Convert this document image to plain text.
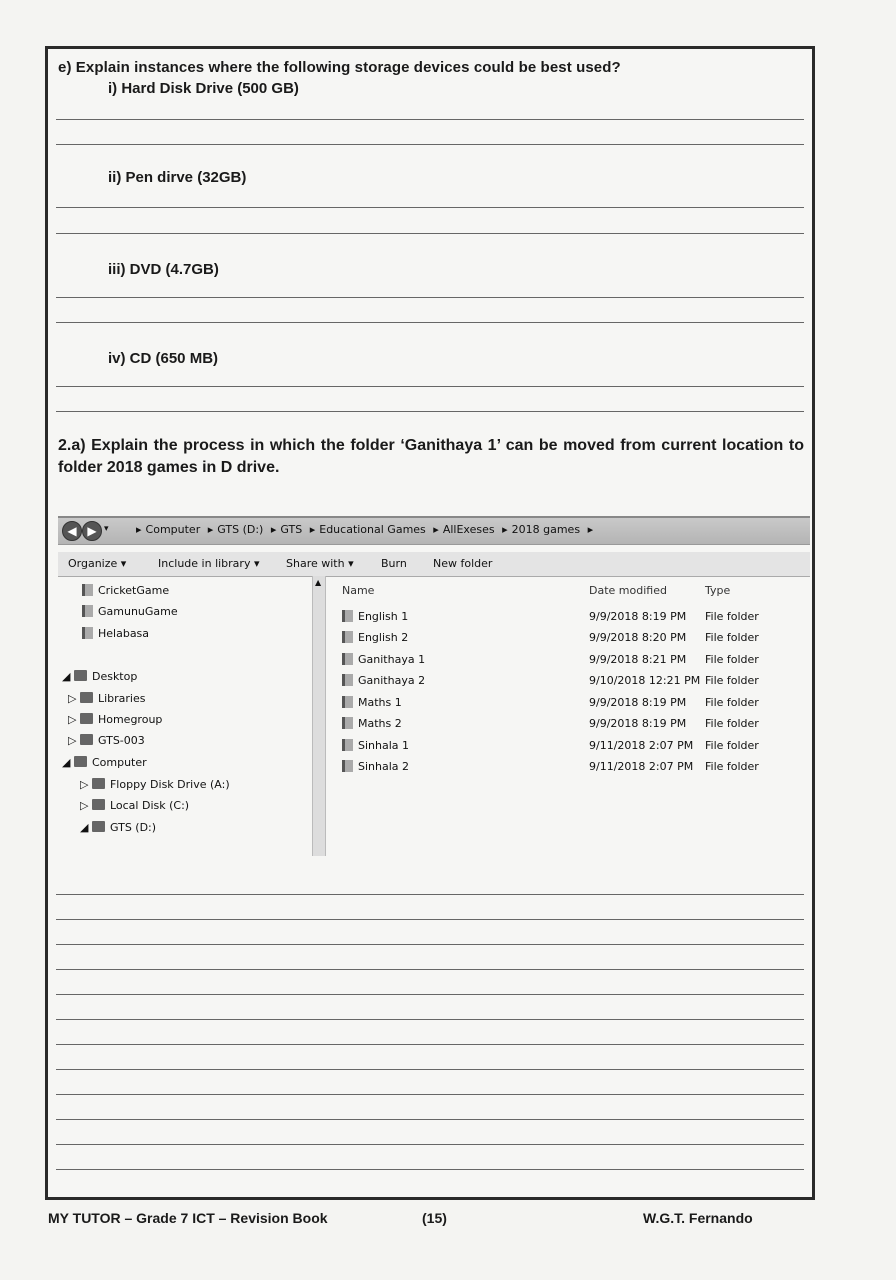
e) Explain instances where the following storage devices could be best used?
i) Hard Disk Drive (500 GB)
ii) Pen dirve (32GB)
iii) DVD (4.7GB)
iv) CD (650 MB)
2.a) Explain the process in which the folder ‘Ganithaya 1’ can be moved from current location to folder 2018 games in D drive.
◀ ▶ ▾ ▸ Computer ▸ GTS (D:) ▸ GTS ▸ Educational Games ▸ AllExeses ▸ 2018 games ▸
Organize ▾	Include in library ▾ Share with ▾ Burn New folder
CricketGame
GamunuGame
Helabasa
◢ Desktop
▷ Libraries
▷ Homegroup
▷ GTS-003
◢ Computer
▷ Floppy Disk Drive (A:)
▷ Local Disk (C:)
◢ GTS (D:)
▲
Name	Date modified	Type
English 1	9/9/2018 8:19 PM File folder
English 2	9/9/2018 8:20 PM File folder
Ganithaya 1	9/9/2018 8:21 PM File folder
Ganithaya 2	9/10/2018 12:21 PM File folder
Maths 1	9/9/2018 8:19 PM File folder
Maths 2	9/9/2018 8:19 PM File folder
Sinhala 1	9/11/2018 2:07 PM File folder
Sinhala 2	9/11/2018 2:07 PM File folder
MY TUTOR – Grade 7 ICT – Revision Book	(15)	W.G.T. Fernando
